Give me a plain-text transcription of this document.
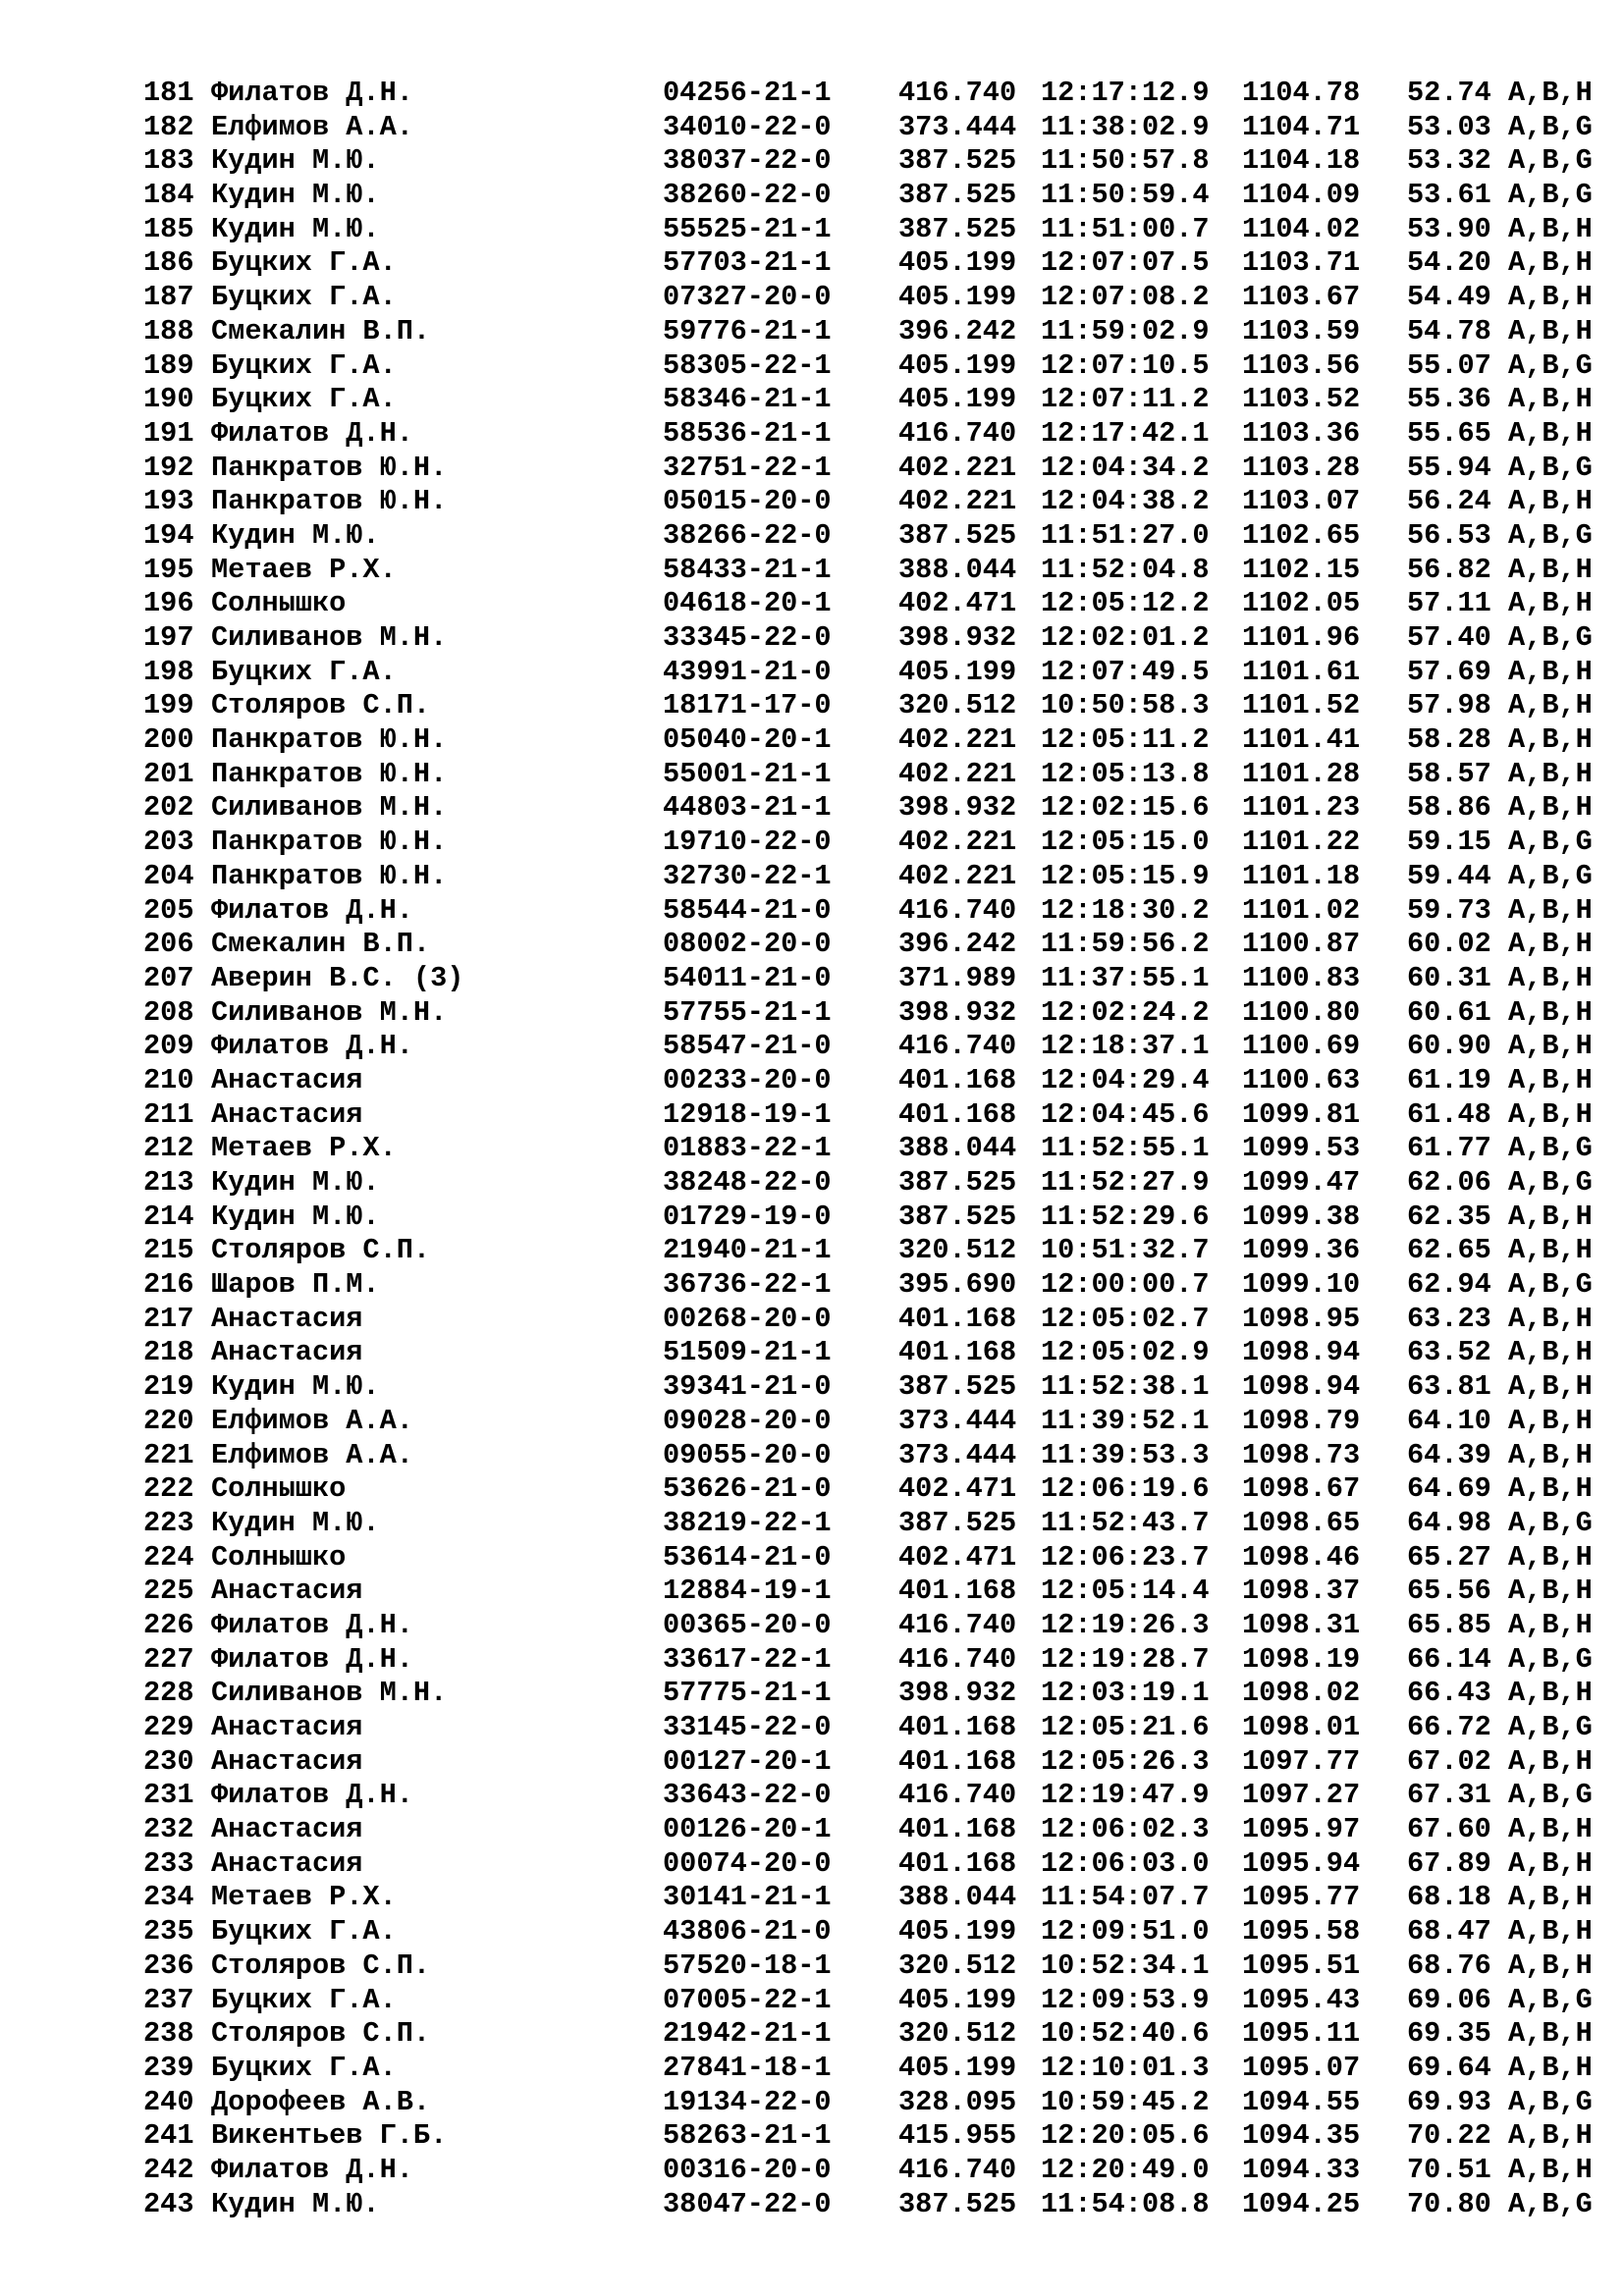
181 Филатов Д.Н.	04256-21-1 416.740 12:17:12.9 1104.78 52.74 A,B,H
182 Елфимов А.А.	34010-22-0 373.444 11:38:02.9 1104.71 53.03 A,B,G
183 Кудин М.Ю.	38037-22-0 387.525 11:50:57.8 1104.18 53.32 A,B,G
184 Кудин М.Ю.	38260-22-0 387.525 11:50:59.4 1104.09 53.61 A,B,G
185 Кудин М.Ю.	55525-21-1 387.525 11:51:00.7 1104.02 53.90 A,B,H
186 Буцких Г.А.	57703-21-1 405.199 12:07:07.5 1103.71 54.20 A,B,H
187 Буцких Г.А.	07327-20-0 405.199 12:07:08.2 1103.67 54.49 A,B,H
188 Смекалин В.П.	59776-21-1 396.242 11:59:02.9 1103.59 54.78 A,B,H
189 Буцких Г.А.	58305-22-1 405.199 12:07:10.5 1103.56 55.07 A,B,G
190 Буцких Г.А.	58346-21-1 405.199 12:07:11.2 1103.52 55.36 A,B,H
191 Филатов Д.Н.	58536-21-1 416.740 12:17:42.1 1103.36 55.65 A,B,H
192 Панкратов Ю.Н.	32751-22-1 402.221 12:04:34.2 1103.28 55.94 A,B,G
193 Панкратов Ю.Н.	05015-20-0 402.221 12:04:38.2 1103.07 56.24 A,B,H
194 Кудин М.Ю.	38266-22-0 387.525 11:51:27.0 1102.65 56.53 A,B,G
195 Метаев Р.Х.	58433-21-1 388.044 11:52:04.8 1102.15 56.82 A,B,H
196 Солнышко	04618-20-1 402.471 12:05:12.2 1102.05 57.11 A,B,H
197 Силиванов М.Н.	33345-22-0 398.932 12:02:01.2 1101.96 57.40 A,B,G
198 Буцких Г.А.	43991-21-0 405.199 12:07:49.5 1101.61 57.69 A,B,H
199 Столяров С.П.	18171-17-0 320.512 10:50:58.3 1101.52 57.98 A,B,H
200 Панкратов Ю.Н.	05040-20-1 402.221 12:05:11.2 1101.41 58.28 A,B,H
201 Панкратов Ю.Н.	55001-21-1 402.221 12:05:13.8 1101.28 58.57 A,B,H
202 Силиванов М.Н.	44803-21-1 398.932 12:02:15.6 1101.23 58.86 A,B,H
203 Панкратов Ю.Н.	19710-22-0 402.221 12:05:15.0 1101.22 59.15 A,B,G
204 Панкратов Ю.Н.	32730-22-1 402.221 12:05:15.9 1101.18 59.44 A,B,G
205 Филатов Д.Н.	58544-21-0 416.740 12:18:30.2 1101.02 59.73 A,B,H
206 Смекалин В.П.	08002-20-0 396.242 11:59:56.2 1100.87 60.02 A,B,H
207 Аверин В.С. (3)	54011-21-0 371.989 11:37:55.1 1100.83 60.31 A,B,H
208 Силиванов М.Н.	57755-21-1 398.932 12:02:24.2 1100.80 60.61 A,B,H
209 Филатов Д.Н.	58547-21-0 416.740 12:18:37.1 1100.69 60.90 A,B,H
210 Анастасия	00233-20-0 401.168 12:04:29.4 1100.63 61.19 A,B,H
211 Анастасия	12918-19-1 401.168 12:04:45.6 1099.81 61.48 A,B,H
212 Метаев Р.Х.	01883-22-1 388.044 11:52:55.1 1099.53 61.77 A,B,G
213 Кудин М.Ю.	38248-22-0 387.525 11:52:27.9 1099.47 62.06 A,B,G
214 Кудин М.Ю.	01729-19-0 387.525 11:52:29.6 1099.38 62.35 A,B,H
215 Столяров С.П.	21940-21-1 320.512 10:51:32.7 1099.36 62.65 A,B,H
216 Шаров П.М.	36736-22-1 395.690 12:00:00.7 1099.10 62.94 A,B,G
217 Анастасия	00268-20-0 401.168 12:05:02.7 1098.95 63.23 A,B,H
218 Анастасия	51509-21-1 401.168 12:05:02.9 1098.94 63.52 A,B,H
219 Кудин М.Ю.	39341-21-0 387.525 11:52:38.1 1098.94 63.81 A,B,H
220 Елфимов А.А.	09028-20-0 373.444 11:39:52.1 1098.79 64.10 A,B,H
221 Елфимов А.А.	09055-20-0 373.444 11:39:53.3 1098.73 64.39 A,B,H
222 Солнышко	53626-21-0 402.471 12:06:19.6 1098.67 64.69 A,B,H
223 Кудин М.Ю.	38219-22-1 387.525 11:52:43.7 1098.65 64.98 A,B,G
224 Солнышко	53614-21-0 402.471 12:06:23.7 1098.46 65.27 A,B,H
225 Анастасия	12884-19-1 401.168 12:05:14.4 1098.37 65.56 A,B,H
226 Филатов Д.Н.	00365-20-0 416.740 12:19:26.3 1098.31 65.85 A,B,H
227 Филатов Д.Н.	33617-22-1 416.740 12:19:28.7 1098.19 66.14 A,B,G
228 Силиванов М.Н.	57775-21-1 398.932 12:03:19.1 1098.02 66.43 A,B,H
229 Анастасия	33145-22-0 401.168 12:05:21.6 1098.01 66.72 A,B,G
230 Анастасия	00127-20-1 401.168 12:05:26.3 1097.77 67.02 A,B,H
231 Филатов Д.Н.	33643-22-0 416.740 12:19:47.9 1097.27 67.31 A,B,G
232 Анастасия	00126-20-1 401.168 12:06:02.3 1095.97 67.60 A,B,H
233 Анастасия	00074-20-0 401.168 12:06:03.0 1095.94 67.89 A,B,H
234 Метаев Р.Х.	30141-21-1 388.044 11:54:07.7 1095.77 68.18 A,B,H
235 Буцких Г.А.	43806-21-0 405.199 12:09:51.0 1095.58 68.47 A,B,H
236 Столяров С.П.	57520-18-1 320.512 10:52:34.1 1095.51 68.76 A,B,H
237 Буцких Г.А.	07005-22-1 405.199 12:09:53.9 1095.43 69.06 A,B,G
238 Столяров С.П.	21942-21-1 320.512 10:52:40.6 1095.11 69.35 A,B,H
239 Буцких Г.А.	27841-18-1 405.199 12:10:01.3 1095.07 69.64 A,B,H
240 Дорофеев А.В.	19134-22-0 328.095 10:59:45.2 1094.55 69.93 A,B,G
241 Викентьев Г.Б.	58263-21-1 415.955 12:20:05.6 1094.35 70.22 A,B,H
242 Филатов Д.Н.	00316-20-0 416.740 12:20:49.0 1094.33 70.51 A,B,H
243 Кудин М.Ю.	38047-22-0 387.525 11:54:08.8 1094.25 70.80 A,B,G
